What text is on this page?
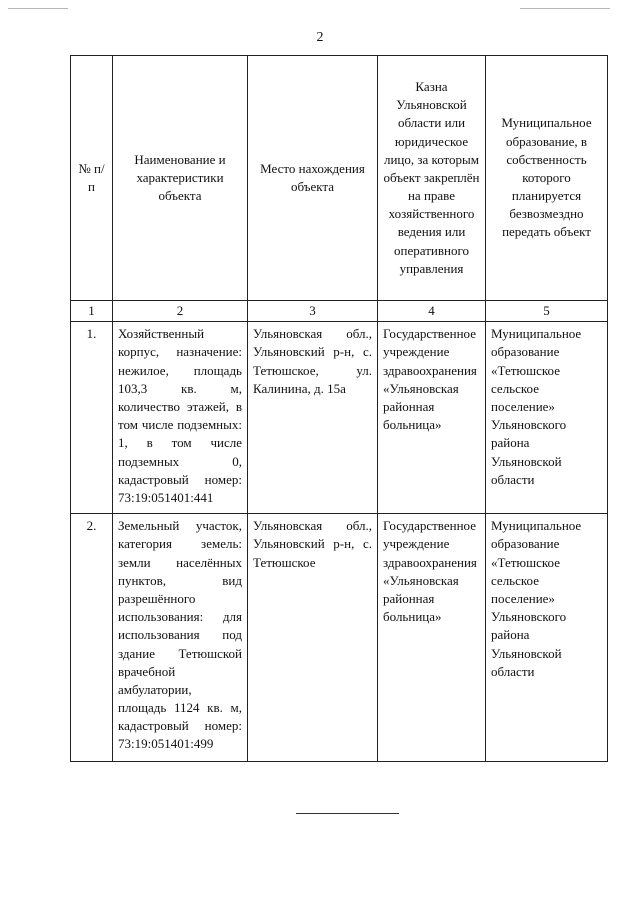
2
№ п/п	Наименование и характеристики объекта	Место нахождения объекта	Казна Ульяновской области или юридическое лицо, за которым объект закреплён на праве хозяйственного ведения или оперативного управления	Муниципальное образование, в собственность которого планируется безвозмездно передать объект
1	2	3	4	5
1.	Хозяйственный корпус, назначение: нежилое, площадь 103,3 кв. м, количество этажей, в том числе подземных: 1, в том числе подземных 0, кадастровый номер: 73:19:051401:441	Ульяновская обл., Ульяновский р-н, с. Тетюшское, ул. Калинина, д. 15а	Государственное учреждение здравоохранения «Ульяновская районная больница»	Муниципальное образование «Тетюшское сельское поселение» Ульяновского района Ульяновской области
2.	Земельный участок, категория земель: земли населённых пунктов, вид разрешённого использования: для использования под здание Тетюшской врачебной амбулатории, площадь 1124 кв. м, кадастровый номер: 73:19:051401:499	Ульяновская обл., Ульяновский р-н, с. Тетюшское	Государственное учреждение здравоохранения «Ульяновская районная больница»	Муниципальное образование «Тетюшское сельское поселение» Ульяновского района Ульяновской области
